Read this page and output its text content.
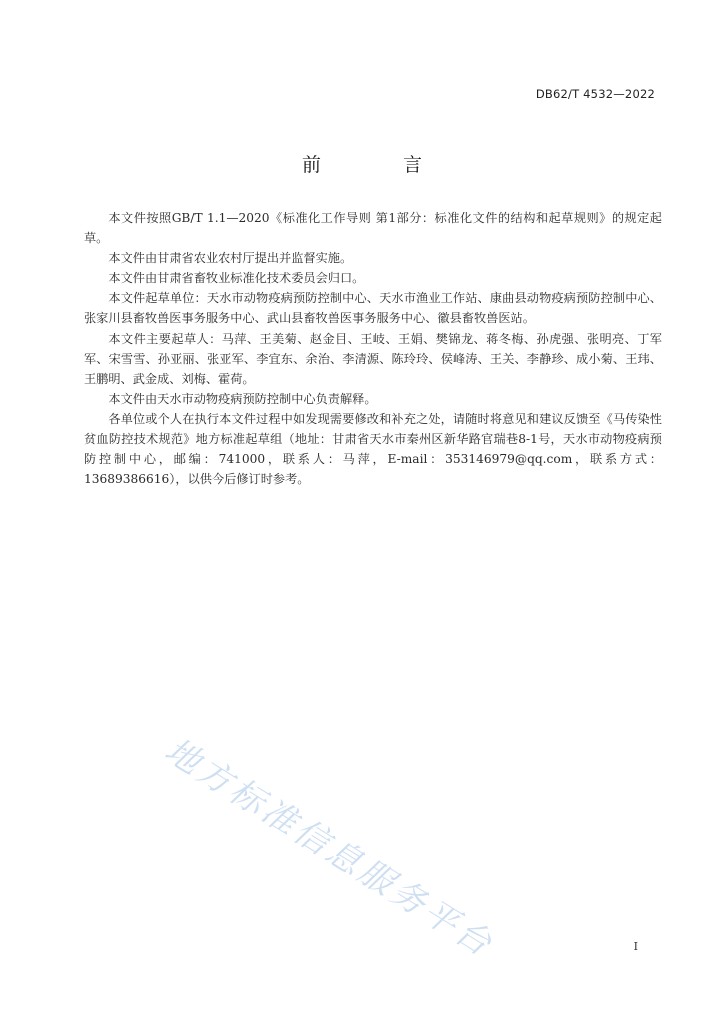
DB62/T 4532—2022
前 言

本文件按照GB/T 1.1—2020《标准化工作导则 第1部分：标准化文件的结构和起草规则》的规定起草。

本文件由甘肃省农业农村厅提出并监督实施。

本文件由甘肃省畜牧业标准化技术委员会归口。

本文件起草单位：天水市动物疫病预防控制中心、天水市渔业工作站、康曲县动物疫病预防控制中心、张家川县畜牧兽医事务服务中心、武山县畜牧兽医事务服务中心、徽县畜牧兽医站。

本文件主要起草人：马萍、王美菊、赵金目、王岐、王娟、樊锦龙、蒋冬梅、孙虎强、张明亮、丁军军、宋雪雪、孙亚丽、张亚军、李宜东、余治、李清源、陈玲玲、侯峰涛、王关、李静珍、成小菊、王玮、王鹏明、武金成、刘梅、霍荷。

本文件由天水市动物疫病预防控制中心负责解释。

各单位或个人在执行本文件过程中如发现需要修改和补充之处，请随时将意见和建议反馈至《马传染性贫血防控技术规范》地方标准起草组（地址：甘肃省天水市秦州区新华路官瑞巷8-1号，天水市动物疫病预防控制中心，邮编：741000，联系人：马萍，E-mail：353146979@qq.com，联系方式：13689386616），以供今后修订时参考。

地方标准信息服务平台	I
